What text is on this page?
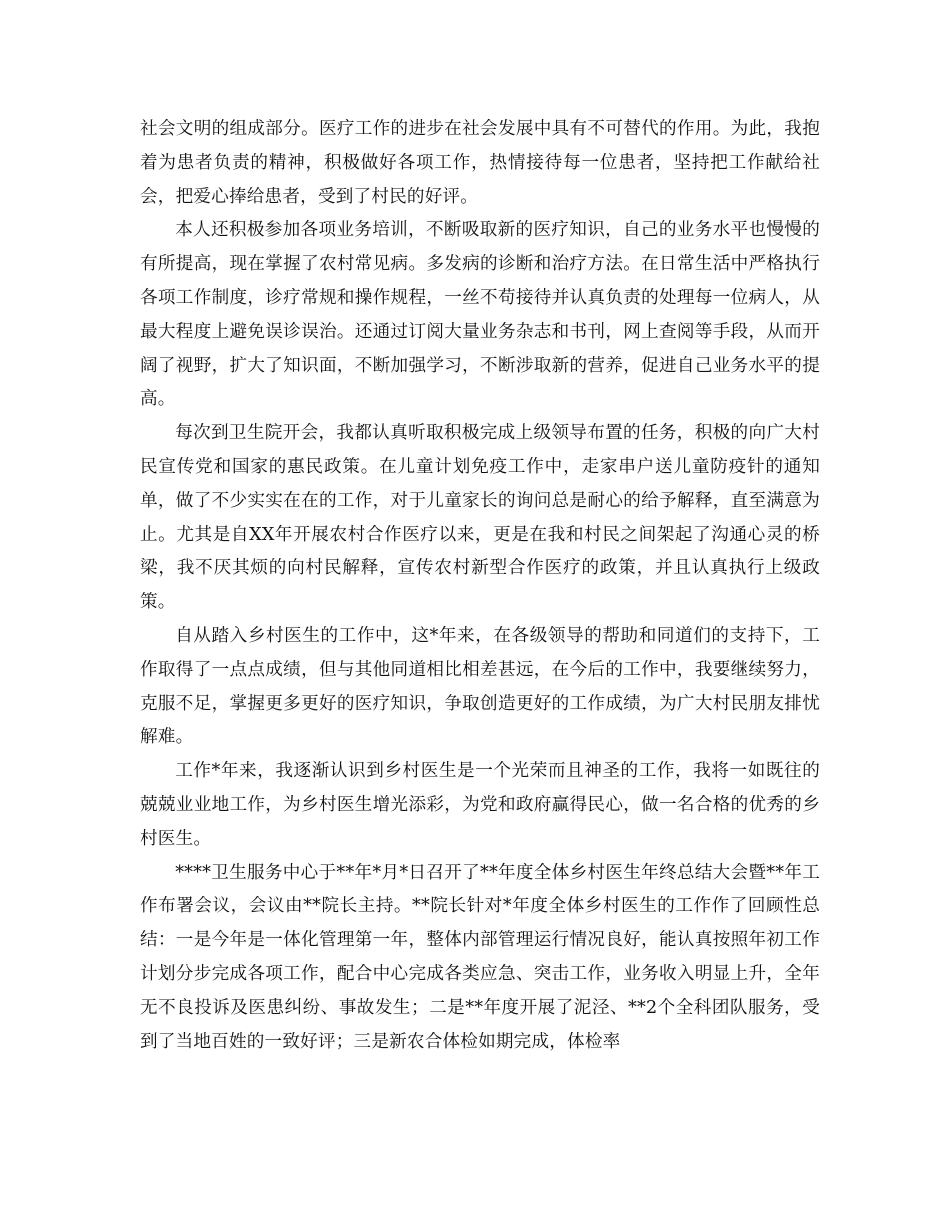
社会文明的组成部分。医疗工作的进步在社会发展中具有不可替代的作用。为此，我抱着为患者负责的精神，积极做好各项工作，热情接待每一位患者，坚持把工作献给社会，把爱心捧给患者，受到了村民的好评。

本人还积极参加各项业务培训，不断吸取新的医疗知识，自己的业务水平也慢慢的有所提高，现在掌握了农村常见病。多发病的诊断和治疗方法。在日常生活中严格执行各项工作制度，诊疗常规和操作规程，一丝不苟接待并认真负责的处理每一位病人，从最大程度上避免误诊误治。还通过订阅大量业务杂志和书刊，网上查阅等手段，从而开阔了视野，扩大了知识面，不断加强学习，不断涉取新的营养，促进自己业务水平的提高。

每次到卫生院开会，我都认真听取积极完成上级领导布置的任务，积极的向广大村民宣传党和国家的惠民政策。在儿童计划免疫工作中，走家串户送儿童防疫针的通知单，做了不少实实在在的工作，对于儿童家长的询问总是耐心的给予解释，直至满意为止。尤其是自XX年开展农村合作医疗以来，更是在我和村民之间架起了沟通心灵的桥梁，我不厌其烦的向村民解释，宣传农村新型合作医疗的政策，并且认真执行上级政策。

自从踏入乡村医生的工作中，这*年来，在各级领导的帮助和同道们的支持下，工作取得了一点点成绩，但与其他同道相比相差甚远，在今后的工作中，我要继续努力，克服不足，掌握更多更好的医疗知识，争取创造更好的工作成绩，为广大村民朋友排忧解难。

工作*年来，我逐渐认识到乡村医生是一个光荣而且神圣的工作，我将一如既往的兢兢业业地工作，为乡村医生增光添彩，为党和政府赢得民心，做一名合格的优秀的乡村医生。

****卫生服务中心于**年*月*日召开了**年度全体乡村医生年终总结大会暨**年工作布署会议，会议由**院长主持。**院长针对*年度全体乡村医生的工作作了回顾性总结：一是今年是一体化管理第一年，整体内部管理运行情况良好，能认真按照年初工作计划分步完成各项工作，配合中心完成各类应急、突击工作，业务收入明显上升，全年无不良投诉及医患纠纷、事故发生；二是**年度开展了泥泾、**2个全科团队服务，受到了当地百姓的一致好评；三是新农合体检如期完成，体检率
